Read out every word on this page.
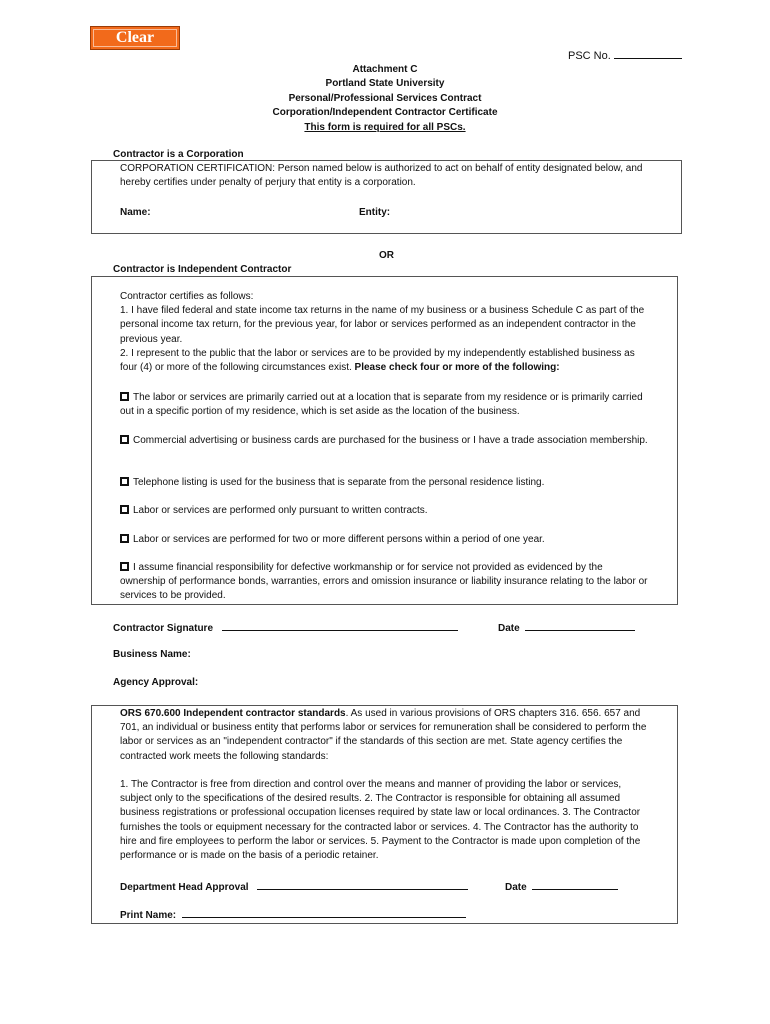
Clear
PSC No.
Attachment C
Portland State University
Personal/Professional Services Contract
Corporation/Independent Contractor Certificate
This form is required for all PSCs.
Contractor is a Corporation
CORPORATION CERTIFICATION: Person named below is authorized to act on behalf of entity designated below, and hereby certifies under penalty of perjury that entity is a corporation.
Name:	Entity:
OR
Contractor is Independent Contractor

Contractor certifies as follows:

1. I have filed federal and state income tax returns in the name of my business or a business Schedule C as part of the personal income tax return, for the previous year, for labor or services performed as an independent contractor in the previous year.

2. I represent to the public that the labor or services are to be provided by my independently established business as four (4) or more of the following circumstances exist. Please check four or more of the following:

The labor or services are primarily carried out at a location that is separate from my residence or is primarily carried out in a specific portion of my residence, which is set aside as the location of the business.
Commercial advertising or business cards are purchased for the business or I have a trade association membership.
Telephone listing is used for the business that is separate from the personal residence listing.
Labor or services are performed only pursuant to written contracts.
Labor or services are performed for two or more different persons within a period of one year.
I assume financial responsibility for defective workmanship or for service not provided as evidenced by the ownership of performance bonds, warranties, errors and omission insurance or liability insurance relating to the labor or services to be provided.
Contractor Signature	Date
Business Name:
Agency Approval:

ORS 670.600 Independent contractor standards. As used in various provisions of ORS chapters 316. 656. 657 and 701, an individual or business entity that performs labor or services for remuneration shall be considered to perform the labor or services as an "independent contractor" if the standards of this section are met. State agency certifies the contracted work meets the following standards:

1. The Contractor is free from direction and control over the means and manner of providing the labor or services, subject only to the specifications of the desired results. 2. The Contractor is responsible for obtaining all assumed business registrations or professional occupation licenses required by state law or local ordinances. 3. The Contractor furnishes the tools or equipment necessary for the contracted labor or services. 4. The Contractor has the authority to hire and fire employees to perform the labor or services. 5. Payment to the Contractor is made upon completion of the performance or is made on the basis of a periodic retainer.
Department Head Approval	Date
Print Name:
